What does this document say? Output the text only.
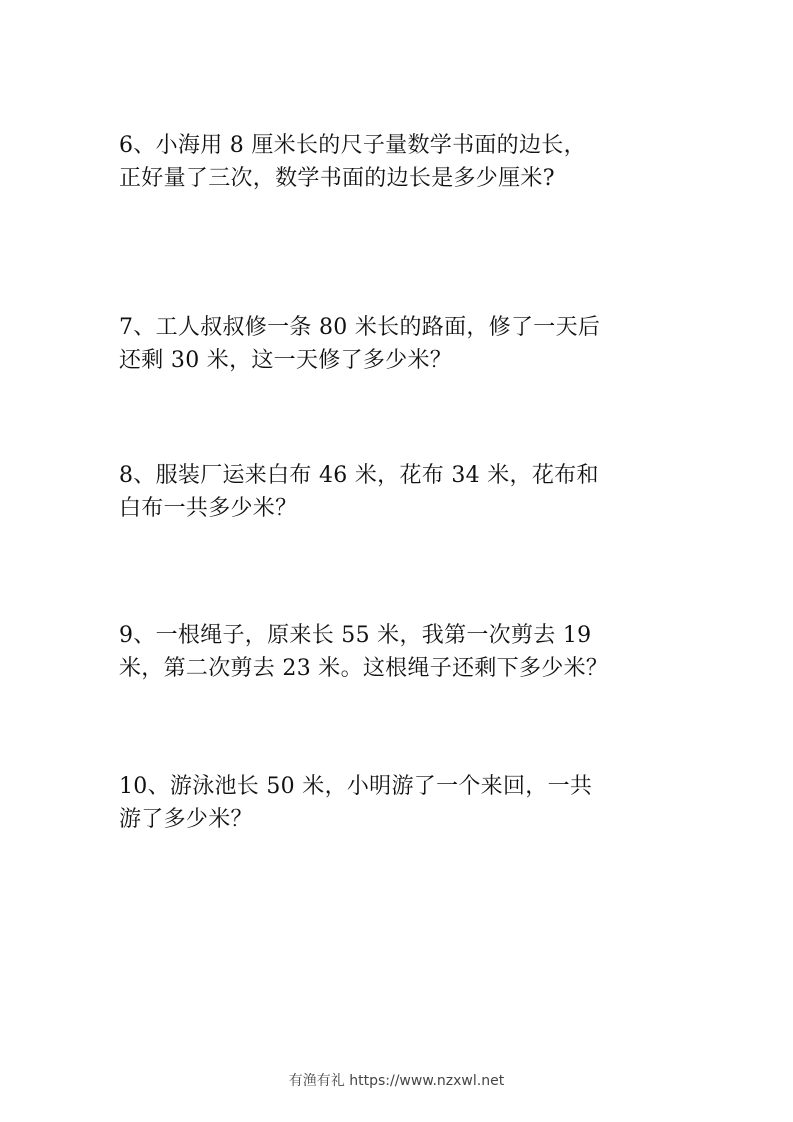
6、小海用 8 厘米长的尺子量数学书面的边长，
正好量了三次，数学书面的边长是多少厘米?

7、工人叔叔修一条 80 米长的路面，修了一天后
还剩 30 米，这一天修了多少米？

8、服装厂运来白布 46 米，花布 34 米，花布和
白布一共多少米？

9、一根绳子，原来长 55 米，我第一次剪去 19
米，第二次剪去 23 米。这根绳子还剩下多少米？

10、游泳池长 50 米，小明游了一个来回，一共
游了多少米？

有渔有礼 https://www.nzxwl.net
